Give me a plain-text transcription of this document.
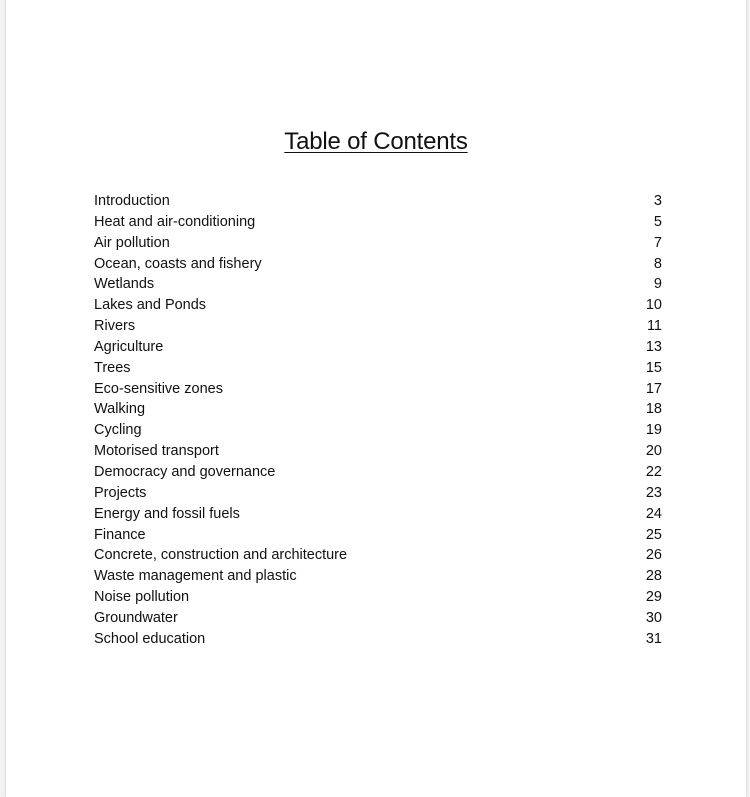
Table of Contents
Introduction	3
Heat and air-conditioning	5
Air pollution	7
Ocean, coasts and fishery	8
Wetlands	9
Lakes and Ponds	10
Rivers	11
Agriculture	13
Trees	15
Eco-sensitive zones	17
Walking	18
Cycling	19
Motorised transport	20
Democracy and governance	22
Projects	23
Energy and fossil fuels	24
Finance	25
Concrete, construction and architecture	26
Waste management and plastic	28
Noise pollution	29
Groundwater	30
School education	31
